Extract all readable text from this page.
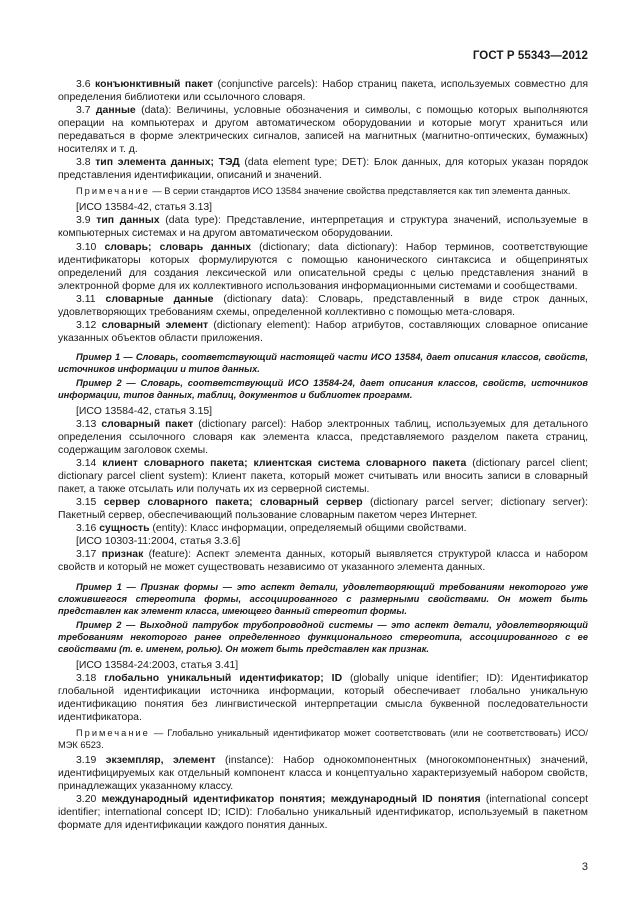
ГОСТ Р 55343—2012

3.6 конъюнктивный пакет (conjunctive parcels): Набор страниц пакета, используемых совместно для определения библиотеки или ссылочного словаря.

3.7 данные (data): Величины, условные обозначения и символы, с помощью которых выполняются операции на компьютерах и другом автоматическом оборудовании и которые могут храниться или передаваться в форме электрических сигналов, записей на магнитных (магнитно-оптических, бумажных) носителях и т. д.

3.8 тип элемента данных; ТЭД (data element type; DET): Блок данных, для которых указан порядок представления идентификации, описаний и значений.

Примечание — В серии стандартов ИСО 13584 значение свойства представляется как тип элемента данных.

[ИСО 13584-42, статья 3.13]

3.9 тип данных (data type): Представление, интерпретация и структура значений, используемые в компьютерных системах и на другом автоматическом оборудовании.

3.10 словарь; словарь данных (dictionary; data dictionary): Набор терминов, соответствующие идентификаторы которых формулируются с помощью канонического синтаксиса и общепринятых определений для создания лексической или описательной среды с целью представления знаний в электронной форме для их коллективного использования информационными системами и сообществами.

3.11 словарные данные (dictionary data): Словарь, представленный в виде строк данных, удовлетворяющих требованиям схемы, определенной коллективно с помощью мета-словаря.

3.12 словарный элемент (dictionary element): Набор атрибутов, составляющих словарное описание указанных объектов области приложения.

Пример 1 — Словарь, соответствующий настоящей части ИСО 13584, дает описания классов, свойств, источников информации и типов данных.

Пример 2 — Словарь, соответствующий ИСО 13584-24, дает описания классов, свойств, источников информации, типов данных, таблиц, документов и библиотек программ.

[ИСО 13584-42, статья 3.15]

3.13 словарный пакет (dictionary parcel): Набор электронных таблиц, используемых для детального определения ссылочного словаря как элемента класса, представляемого разделом пакета страниц, содержащим заголовок схемы.

3.14 клиент словарного пакета; клиентская система словарного пакета (dictionary parcel client; dictionary parcel client system): Клиент пакета, который может считывать или вносить записи в словарный пакет, а также отсылать или получать их из серверной системы.

3.15 сервер словарного пакета; словарный сервер (dictionary parcel server; dictionary server): Пакетный сервер, обеспечивающий пользование словарным пакетом через Интернет.

3.16 сущность (entity): Класс информации, определяемый общими свойствами.

[ИСО 10303-11:2004, статья 3.3.6]

3.17 признак (feature): Аспект элемента данных, который выявляется структурой класса и набором свойств и который не может существовать независимо от указанного элемента данных.

Пример 1 — Признак формы — это аспект детали, удовлетворяющий требованиям некоторого уже сложившегося стереотипа формы, ассоциированного с размерными свойствами. Он может быть представлен как элемент класса, имеющего данный стереотип формы.

Пример 2 — Выходной патрубок трубопроводной системы — это аспект детали, удовлетворяющий требованиям некоторого ранее определенного функционального стереотипа, ассоциированного с ее свойствами (т. е. именем, ролью). Он может быть представлен как признак.

[ИСО 13584-24:2003, статья 3.41]

3.18 глобально уникальный идентификатор; ID (globally unique identifier; ID): Идентификатор глобальной идентификации источника информации, который обеспечивает глобально уникальную идентификацию понятия без лингвистической интерпретации смысла буквенной последовательности идентификатора.

Примечание — Глобально уникальный идентификатор может соответствовать (или не соответствовать) ИСО/МЭК 6523.

3.19 экземпляр, элемент (instance): Набор однокомпонентных (многокомпонентных) значений, идентифицируемых как отдельный компонент класса и концептуально характеризуемый набором свойств, принадлежащих указанному классу.

3.20 международный идентификатор понятия; международный ID понятия (international concept identifier; international concept ID; ICID): Глобально уникальный идентификатор, используемый в пакетном формате для идентификации каждого понятия данных.

3
